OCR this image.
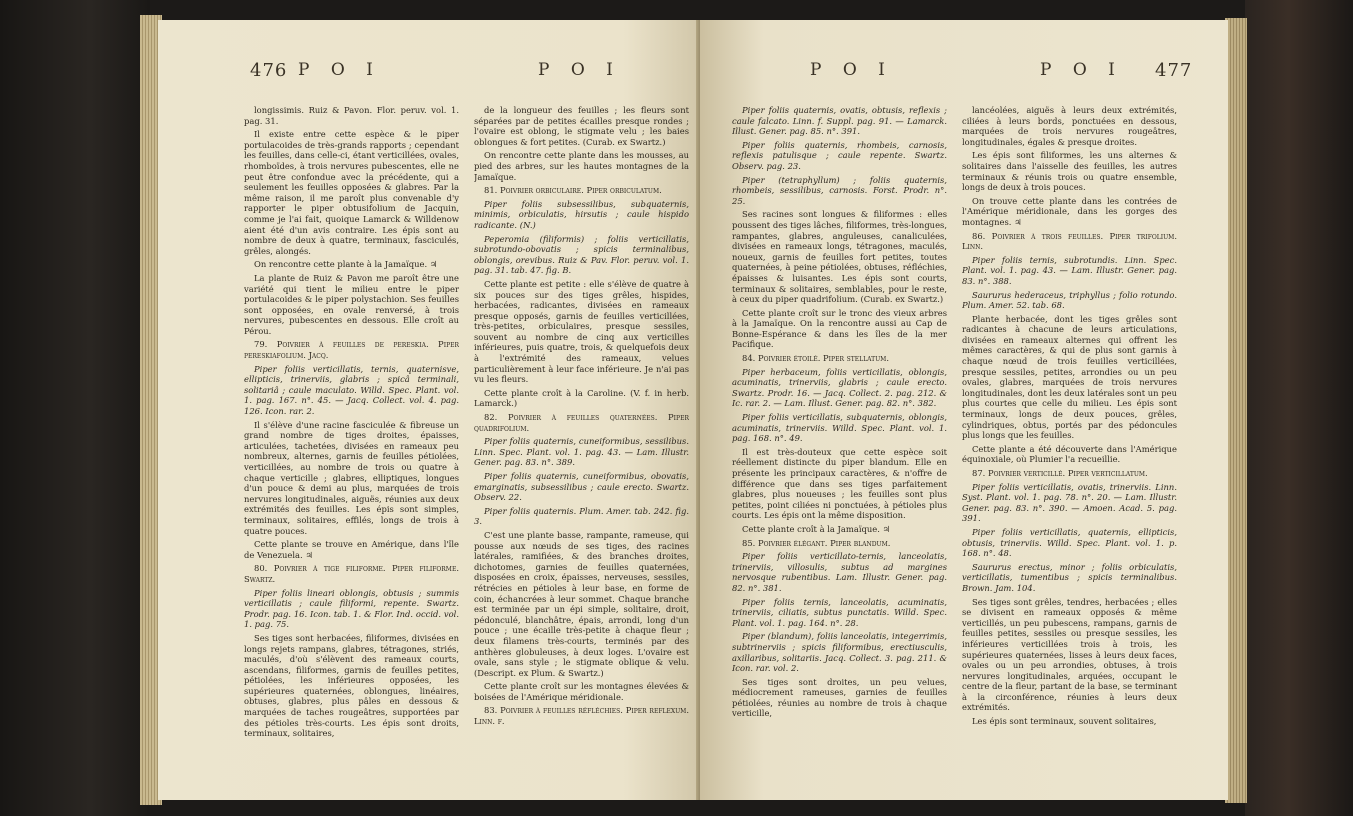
476 P O I	P O I

longissimis. Ruiz & Pavon. Flor. peruv. vol. 1. pag. 31.

Il existe entre cette espèce & le piper portulacoides de très-grands rapports ; cependant les feuilles, dans celle-ci, étant verticillées, ovales, rhomboïdes, à trois nervures pubescentes, elle ne peut être confondue avec la précédente, qui a seulement les feuilles opposées & glabres. Par la même raison, il me paroît plus convenable d'y rapporter le piper obtusifolium de Jacquin, comme je l'ai fait, quoique Lamarck & Willdenow aient été d'un avis contraire. Les épis sont au nombre de deux à quatre, terminaux, fasciculés, grêles, alongés.

On rencontre cette plante à la Jamaïque. ♃

La plante de Ruiz & Pavon me paroît être une variété qui tient le milieu entre le piper portulacoides & le piper polystachion. Ses feuilles sont opposées, en ovale renversé, à trois nervures, pubescentes en dessous. Elle croît au Pérou.

79. Poivrier à feuilles de pereskia. Piper pereskiafolium. Jacq.

Piper foliis verticillatis, ternis, quaternisve, ellipticis, trinerviis, glabris ; spicâ terminali, solitariâ ; caule maculato. Willd. Spec. Plant. vol. 1. pag. 167. n°. 45. — Jacq. Collect. vol. 4. pag. 126. Icon. rar. 2.

Il s'élève d'une racine fasciculée & fibreuse un grand nombre de tiges droites, épaisses, articulées, tachetées, divisées en rameaux peu nombreux, alternes, garnis de feuilles pétiolées, verticillées, au nombre de trois ou quatre à chaque verticille ; glabres, elliptiques, longues d'un pouce & demi au plus, marquées de trois nervures longitudinales, aiguës, réunies aux deux extrémités des feuilles. Les épis sont simples, terminaux, solitaires, effilés, longs de trois à quatre pouces.

Cette plante se trouve en Amérique, dans l'île de Venezuela. ♃

80. Poivrier à tige filiforme. Piper filiforme. Swartz.

Piper foliis lineari oblongis, obtusis ; summis verticillatis ; caule filiformi, repente. Swartz. Prodr. pag. 16. Icon. tab. 1. & Flor. Ind. occid. vol. 1. pag. 75.

Ses tiges sont herbacées, filiformes, divisées en longs rejets rampans, glabres, tétragones, striés, maculés, d'où s'élèvent des rameaux courts, ascendans, filiformes, garnis de feuilles petites, pétiolées, les inférieures opposées, les supérieures quaternées, oblongues, linéaires, obtuses, glabres, plus pâles en dessous & marquées de taches rougeâtres, supportées par des pétioles très-courts. Les épis sont droits, terminaux, solitaires,

de la longueur des feuilles ; les fleurs sont séparées par de petites écailles presque rondes ; l'ovaire est oblong, le stigmate velu ; les baies oblongues & fort petites. (Curab. ex Swartz.)

On rencontre cette plante dans les mousses, au pied des arbres, sur les hautes montagnes de la Jamaïque.

81. Poivrier orbiculaire. Piper orbiculatum.

Piper foliis subsessilibus, subquaternis, minimis, orbiculatis, hirsutis ; caule hispido radicante. (N.)

Peperomia (filiformis) ; foliis verticillatis, subrotundo-obovatis ; spicis terminalibus, oblongis, orevibus. Ruiz & Pav. Flor. peruv. vol. 1. pag. 31. tab. 47. fig. B.

Cette plante est petite : elle s'élève de quatre à six pouces sur des tiges grêles, hispides, herbacées, radicantes, divisées en rameaux presque opposés, garnis de feuilles verticillées, très-petites, orbiculaires, presque sessiles, souvent au nombre de cinq aux verticilles inférieures, puis quatre, trois, & quelquefois deux à l'extrémité des rameaux, velues particulièrement à leur face inférieure. Je n'ai pas vu les fleurs.

Cette plante croît à la Caroline. (V. f. in herb. Lamarck.)

82. Poivrier à feuilles quaternées. Piper quadrifolium.

Piper foliis quaternis, cuneiformibus, sessilibus. Linn. Spec. Plant. vol. 1. pag. 43. — Lam. Illustr. Gener. pag. 83. n°. 389.

Piper foliis quaternis, cuneiformibus, obovatis, emarginatis, subsessilibus ; caule erecto. Swartz. Observ. 22.

Piper foliis quaternis. Plum. Amer. tab. 242. fig. 3.

C'est une plante basse, rampante, rameuse, qui pousse aux nœuds de ses tiges, des racines latérales, ramifiées, & des branches droites, dichotomes, garnies de feuilles quaternées, disposées en croix, épaisses, nerveuses, sessiles, rétrécies en pétioles à leur base, en forme de coin, échancrées à leur sommet. Chaque branche est terminée par un épi simple, solitaire, droit, pédonculé, blanchâtre, épais, arrondi, long d'un pouce ; une écaille très-petite à chaque fleur ; deux filamens très-courts, terminés par des anthères globuleuses, à deux loges. L'ovaire est ovale, sans style ; le stigmate oblique & velu. (Descript. ex Plum. & Swartz.)

Cette plante croît sur les montagnes élevées & boisées de l'Amérique méridionale.

83. Poivrier à feuilles réfléchies. Piper reflexum. Linn. f.

P O I	P O I 477

Piper foliis quaternis, ovatis, obtusis, reflexis ; caule falcato. Linn. f. Suppl. pag. 91. — Lamarck. Illust. Gener. pag. 85. n°. 391.

Piper foliis quaternis, rhombeis, carnosis, reflexis patulisque ; caule repente. Swartz. Observ. pag. 23.

Piper (tetraphyllum) ; foliis quaternis, rhombeis, sessilibus, carnosis. Forst. Prodr. n°. 25.

Ses racines sont longues & filiformes : elles poussent des tiges lâches, filiformes, très-longues, rampantes, glabres, anguleuses, canaliculées, divisées en rameaux longs, tétragones, maculés, noueux, garnis de feuilles fort petites, toutes quaternées, à peine pétiolées, obtuses, réfléchies, épaisses & luisantes. Les épis sont courts, terminaux & solitaires, semblables, pour le reste, à ceux du piper quadrifolium. (Curab. ex Swartz.)

Cette plante croît sur le tronc des vieux arbres à la Jamaïque. On la rencontre aussi au Cap de Bonne-Espérance & dans les îles de la mer Pacifique.

84. Poivrier étoilé. Piper stellatum.

Piper herbaceum, foliis verticillatis, oblongis, acuminatis, trinerviis, glabris ; caule erecto. Swartz. Prodr. 16. — Jacq. Collect. 2. pag. 212. & Ic. rar. 2. — Lam. Illust. Gener. pag. 82. n°. 382.

Piper foliis verticillatis, subquaternis, oblongis, acuminatis, trinerviis. Willd. Spec. Plant. vol. 1. pag. 168. n°. 49.

Il est très-douteux que cette espèce soit réellement distincte du piper blandum. Elle en présente les principaux caractères, & n'offre de différence que dans ses tiges parfaitement glabres, plus noueuses ; les feuilles sont plus petites, point ciliées ni ponctuées, à pétioles plus courts. Les épis ont la même disposition.

Cette plante croît à la Jamaïque. ♃

85. Poivrier élégant. Piper blandum.

Piper foliis verticillato-ternis, lanceolatis, trinerviis, villosulis, subtus ad margines nervosque rubentibus. Lam. Illustr. Gener. pag. 82. n°. 381.

Piper foliis ternis, lanceolatis, acuminatis, trinerviis, ciliatis, subtus punctatis. Willd. Spec. Plant. vol. 1. pag. 164. n°. 28.

Piper (blandum), foliis lanceolatis, integerrimis, subtrinerviis ; spicis filiformibus, erectiusculis, axillaribus, solitariis. Jacq. Collect. 3. pag. 211. & Icon. rar. vol. 2.

Ses tiges sont droites, un peu velues, médiocrement rameuses, garnies de feuilles pétiolées, réunies au nombre de trois à chaque verticille,

lancéolées, aiguës à leurs deux extrémités, ciliées à leurs bords, ponctuées en dessous, marquées de trois nervures rougeâtres, longitudinales, égales & presque droites.

Les épis sont filiformes, les uns alternes & solitaires dans l'aisselle des feuilles, les autres terminaux & réunis trois ou quatre ensemble, longs de deux à trois pouces.

On trouve cette plante dans les contrées de l'Amérique méridionale, dans les gorges des montagnes. ♃

86. Poivrier à trois feuilles. Piper trifolium. Linn.

Piper foliis ternis, subrotundis. Linn. Spec. Plant. vol. 1. pag. 43. — Lam. Illustr. Gener. pag. 83. n°. 388.

Saururus hederaceus, triphyllus ; folio rotundo. Plum. Amer. 52. tab. 68.

Plante herbacée, dont les tiges grêles sont radicantes à chacune de leurs articulations, divisées en rameaux alternes qui offrent les mêmes caractères, & qui de plus sont garnis à chaque nœud de trois feuilles verticillées, presque sessiles, petites, arrondies ou un peu ovales, glabres, marquées de trois nervures longitudinales, dont les deux latérales sont un peu plus courtes que celle du milieu. Les épis sont terminaux, longs de deux pouces, grêles, cylindriques, obtus, portés par des pédoncules plus longs que les feuilles.

Cette plante a été découverte dans l'Amérique équinoxiale, où Plumier l'a recueillie.

87. Poivrier verticillé. Piper verticillatum.

Piper foliis verticillatis, ovatis, trinerviis. Linn. Syst. Plant. vol. 1. pag. 78. n°. 20. — Lam. Illustr. Gener. pag. 83. n°. 390. — Amoen. Acad. 5. pag. 391.

Piper foliis verticillatis, quaternis, ellipticis, obtusis, trinerviis. Willd. Spec. Plant. vol. 1. p. 168. n°. 48.

Saururus erectus, minor ; foliis orbiculatis, verticillatis, tumentibus ; spicis terminalibus. Brown. Jam. 104.

Ses tiges sont grêles, tendres, herbacées ; elles se divisent en rameaux opposés & même verticillés, un peu pubescens, rampans, garnis de feuilles petites, sessiles ou presque sessiles, les inférieures verticillées trois à trois, les supérieures quaternées, lisses à leurs deux faces, ovales ou un peu arrondies, obtuses, à trois nervures longitudinales, arquées, occupant le centre de la fleur, partant de la base, se terminant à la circonférence, réunies à leurs deux extrémités.

Les épis sont terminaux, souvent solitaires,
